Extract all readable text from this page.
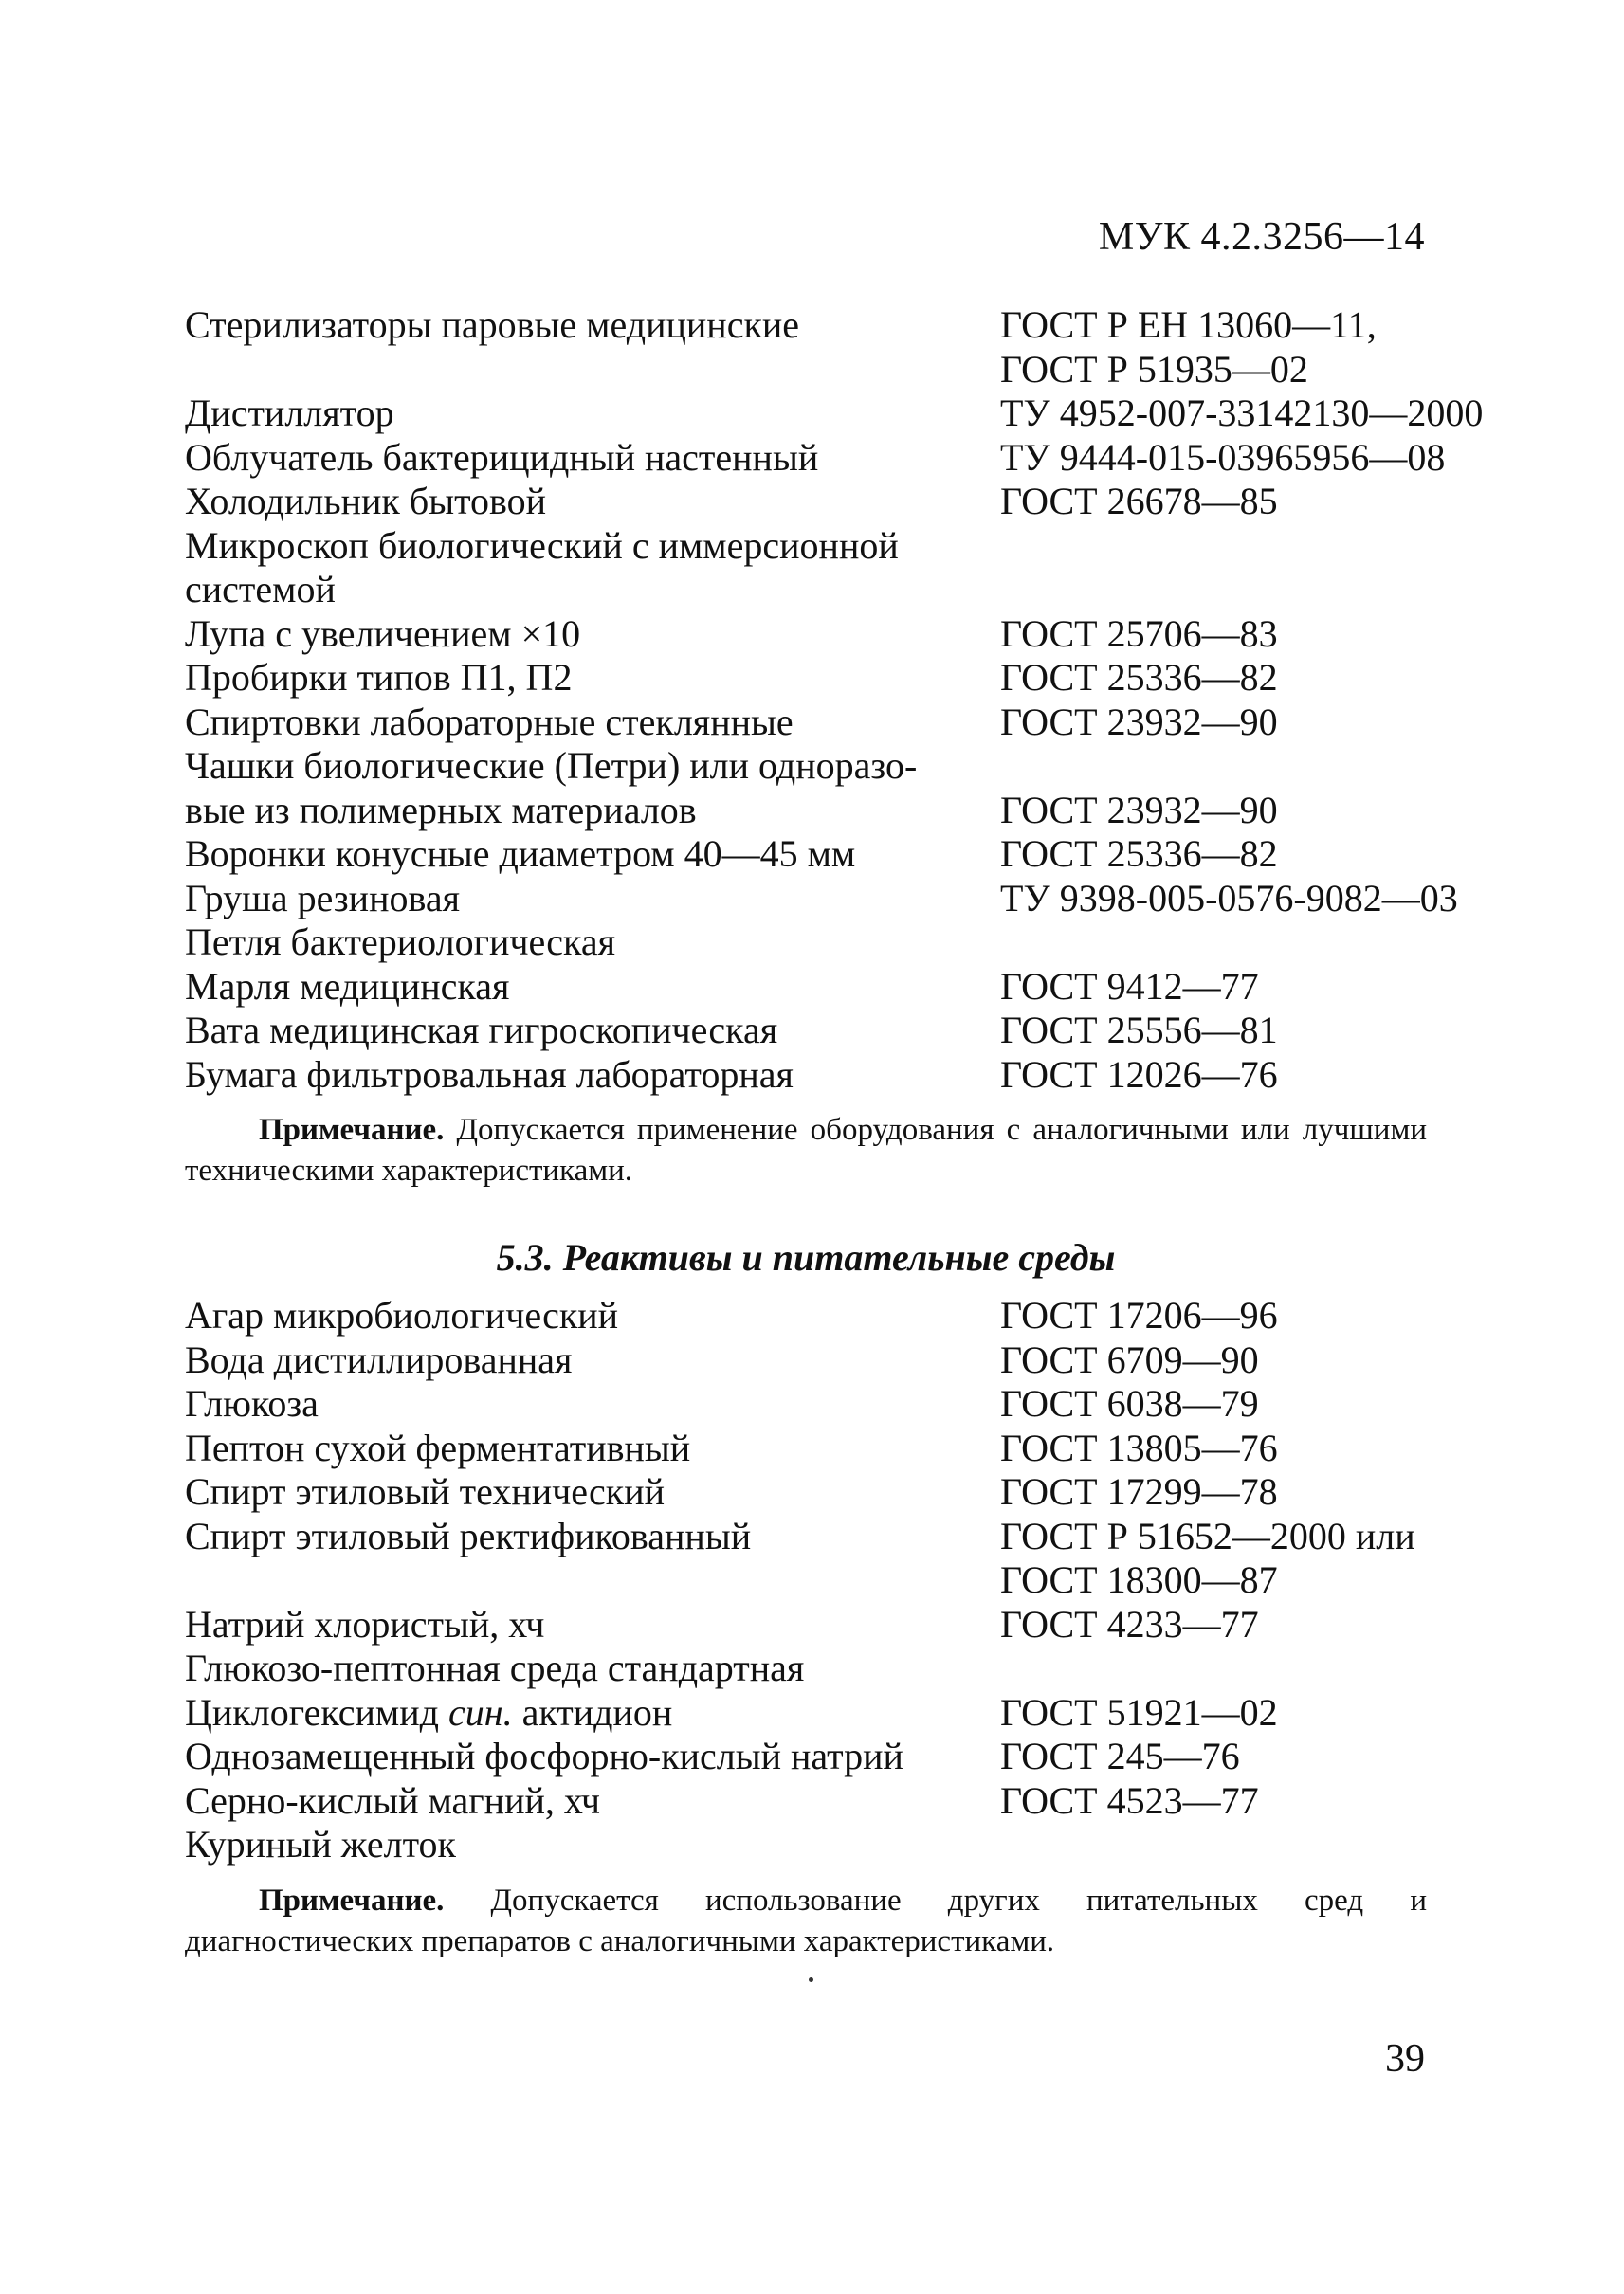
МУК 4.2.3256—14
Стерилизаторы паровые медицинские	ГОСТ Р ЕН 13060—11,
ГОСТ Р 51935—02
Дистиллятор	ТУ 4952-007-33142130—2000
Облучатель бактерицидный настенный	ТУ 9444-015-03965956—08
Холодильник бытовой	ГОСТ 26678—85
Микроскоп биологический с иммерсионной
системой
Лупа с увеличением ×10	ГОСТ 25706—83
Пробирки типов П1, П2	ГОСТ 25336—82
Спиртовки лабораторные стеклянные	ГОСТ 23932—90
Чашки биологические (Петри) или одноразо-
вые из полимерных материалов	ГОСТ 23932—90
Воронки конусные диаметром 40—45 мм	ГОСТ 25336—82
Груша резиновая	ТУ 9398-005-0576-9082—03
Петля бактериологическая
Марля медицинская	ГОСТ 9412—77
Вата медицинская гигроскопическая	ГОСТ 25556—81
Бумага фильтровальная лабораторная	ГОСТ 12026—76
Примечание. Допускается применение оборудования с аналогичными или лучшими техническими характеристиками.
5.3. Реактивы и питательные среды
Агар микробиологический	ГОСТ 17206—96
Вода дистиллированная	ГОСТ 6709—90
Глюкоза	ГОСТ 6038—79
Пептон сухой ферментативный	ГОСТ 13805—76
Спирт этиловый технический	ГОСТ 17299—78
Спирт этиловый ректификованный	ГОСТ Р 51652—2000 или
ГОСТ 18300—87
Натрий хлористый, хч	ГОСТ 4233—77
Глюкозо-пептонная среда стандартная
Циклогексимид син. актидион	ГОСТ 51921—02
Однозамещенный фосфорно-кислый натрий	ГОСТ 245—76
Серно-кислый магний, хч	ГОСТ 4523—77
Куриный желток
Примечание. Допускается использование других питательных сред и диагностических препаратов с аналогичными характеристиками.
39
